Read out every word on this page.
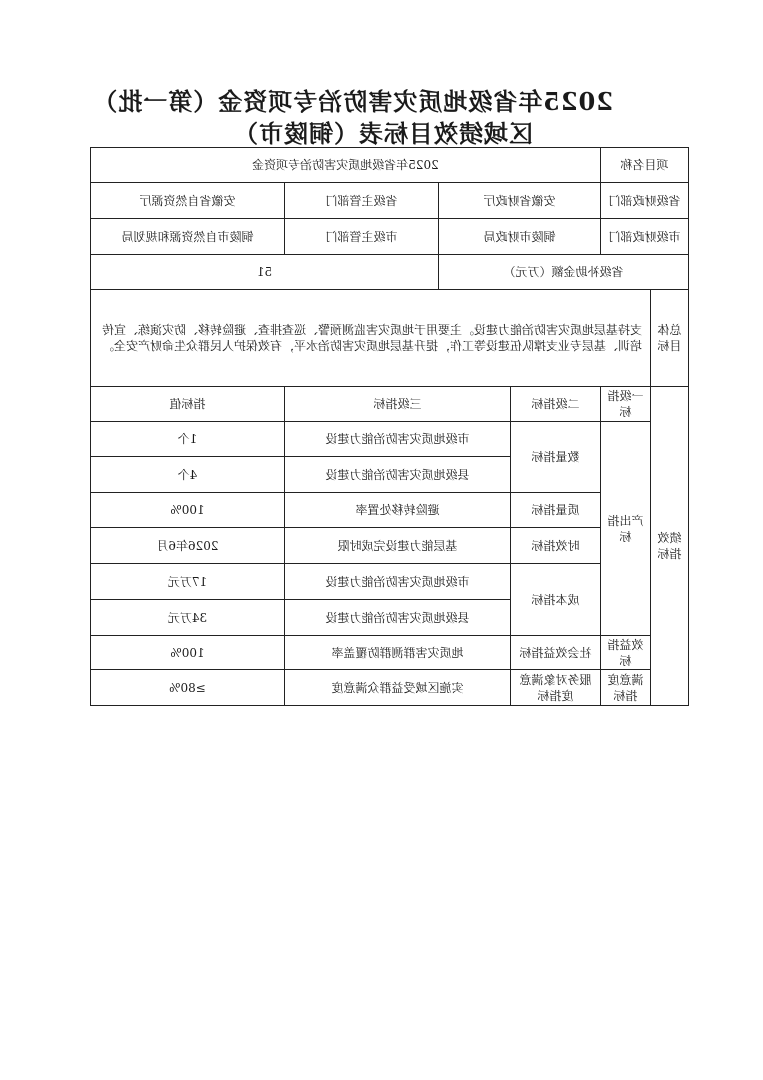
2025年省级地质灾害防治专项资金（第一批）
区域绩效目标表（铜陵市）
项目名称		2025年省级地质灾害防治专项资金			
省级财政部门		安徽省财政厅		省级主管部门	安徽省自然资源厅
市级财政部门		铜陵市财政局		市级主管部门	铜陵市自然资源和规划局
省级补助金额（万元）				51	
总体目标	支持基层地质灾害防治能力建设。主要用于地质灾害监测预警、巡查排查、避险转移、防灾演练、宣传培训、基层专业支撑队伍建设等工作，提升基层地质灾害防治水平，有效保护人民群众生命财产安全。				
绩效指标	一级指标	二级指标	三级指标		指标值
	产出指标	数量指标	市级地质灾害防治能力建设		1个
			县级地质灾害防治能力建设		4个
		质量指标	避险转移处置率		100%
		时效指标	基层能力建设完成时限		2026年6月
		成本指标	市级地质灾害防治能力建设		17万元
			县级地质灾害防治能力建设		34万元
	效益指标	社会效益指标	地质灾害群测群防覆盖率		100%
	满意度指标	服务对象满意度指标	实施区域受益群众满意度		≥80%
